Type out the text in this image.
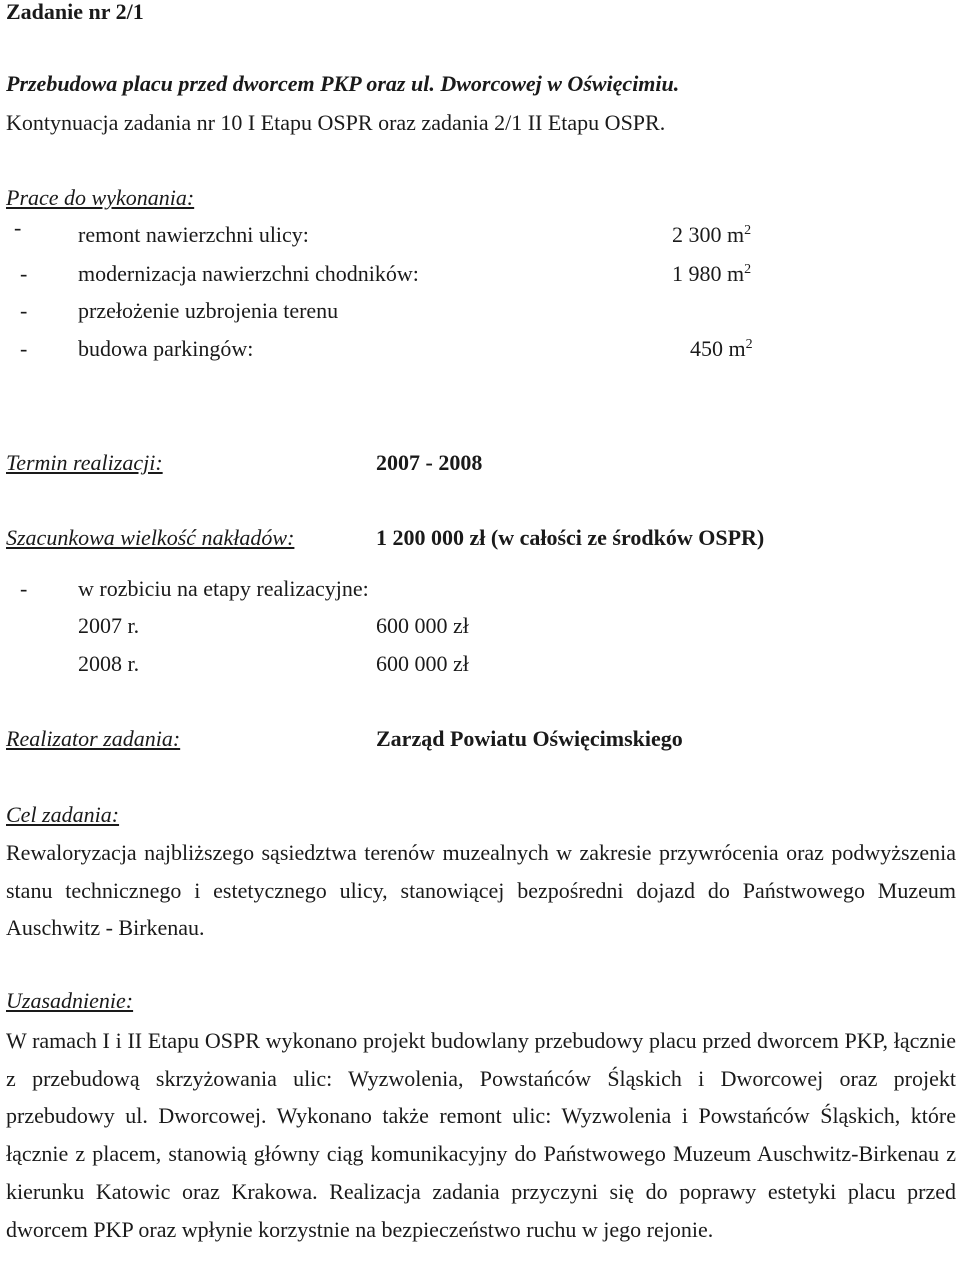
Zadanie nr 2/1
Przebudowa placu przed dworcem PKP oraz ul. Dworcowej w Oświęcimiu.
Kontynuacja zadania nr 10 I Etapu OSPR oraz zadania 2/1 II Etapu OSPR.
Prace do wykonania:
-	remont nawierzchni ulicy:	2 300 $m^2$
- modernizacja nawierzchni chodników:	1 980 $m^2$
- przełożenie uzbrojenia terenu
- budowa parkingów:	450 $m^2$
Termin realizacji:	2007 - 2008
Szacunkowa wielkość nakładów:	1 200 000 zł (w całości ze środków OSPR)
- w rozbiciu na etapy realizacyjne:
2007 r.	600 000 zł
2008 r.	600 000 zł
Realizator zadania:	Zarząd Powiatu Oświęcimskiego
Cel zadania:

Rewaloryzacja najbliższego sąsiedztwa terenów muzealnych w zakresie przywrócenia oraz podwyższenia stanu technicznego i estetycznego ulicy, stanowiącej bezpośredni dojazd do Państwowego Muzeum Auschwitz - Birkenau.

Uzasadnienie:

W ramach I i II Etapu OSPR wykonano projekt budowlany przebudowy placu przed dworcem PKP, łącznie z przebudową skrzyżowania ulic: Wyzwolenia, Powstańców Śląskich i Dworcowej oraz projekt przebudowy ul. Dworcowej. Wykonano także remont ulic: Wyzwolenia i Powstańców Śląskich, które łącznie z placem, stanowią główny ciąg komunikacyjny do Państwowego Muzeum Auschwitz-Birkenau z kierunku Katowic oraz Krakowa. Realizacja zadania przyczyni się do poprawy estetyki placu przed dworcem PKP oraz wpłynie korzystnie na bezpieczeństwo ruchu w jego rejonie.
